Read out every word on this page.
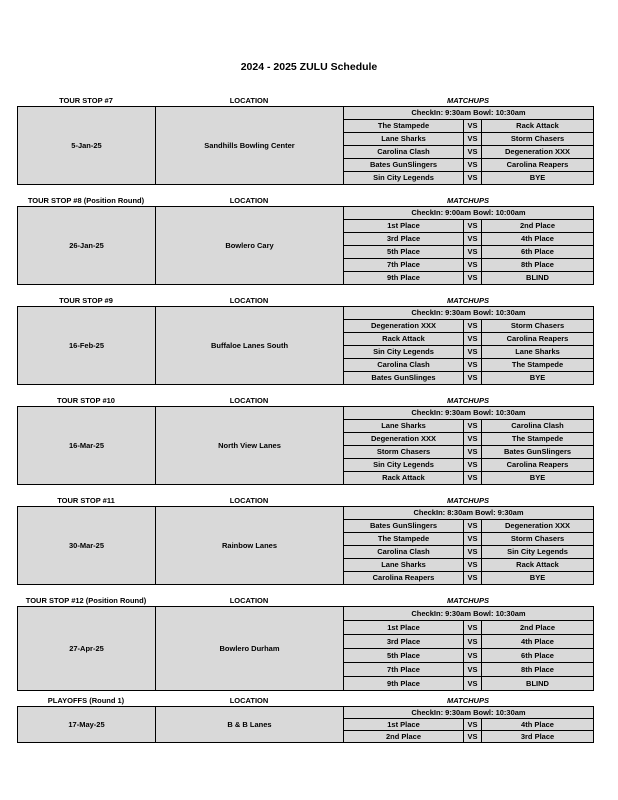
2024 - 2025 ZULU Schedule
TOUR STOP #7	LOCATION	MATCHUPS
5-Jan-25	Sandhills Bowling Center	CheckIn: 9:30am Bowl: 10:30am		
		The Stampede	VS	Rack Attack
		Lane Sharks	VS	Storm Chasers
		Carolina Clash	VS	Degeneration XXX
		Bates GunSlingers	VS	Carolina Reapers
		Sin City Legends	VS	BYE
TOUR STOP #8 (Position Round)	LOCATION	MATCHUPS
26-Jan-25	Bowlero Cary	CheckIn: 9:00am Bowl: 10:00am		
		1st Place	VS	2nd Place
		3rd Place	VS	4th Place
		5th Place	VS	6th Place
		7th Place	VS	8th Place
		9th Place	VS	BLIND
TOUR STOP #9	LOCATION	MATCHUPS
16-Feb-25	Buffaloe Lanes South	CheckIn: 9:30am Bowl: 10:30am		
		Degeneration XXX	VS	Storm Chasers
		Rack Attack	VS	Carolina Reapers
		Sin City Legends	VS	Lane Sharks
		Carolina Clash	VS	The Stampede
		Bates GunSlinges	VS	BYE
TOUR STOP #10	LOCATION	MATCHUPS
16-Mar-25	North View Lanes	CheckIn: 9:30am Bowl: 10:30am		
		Lane Sharks	VS	Carolina Clash
		Degeneration XXX	VS	The Stampede
		Storm Chasers	VS	Bates GunSlingers
		Sin City Legends	VS	Carolina Reapers
		Rack Attack	VS	BYE
TOUR STOP #11	LOCATION	MATCHUPS
30-Mar-25	Rainbow Lanes	CheckIn: 8:30am Bowl: 9:30am		
		Bates GunSlingers	VS	Degeneration XXX
		The Stampede	VS	Storm Chasers
		Carolina Clash	VS	Sin City Legends
		Lane Sharks	VS	Rack Attack
		Carolina Reapers	VS	BYE
TOUR STOP #12 (Position Round)	LOCATION	MATCHUPS
27-Apr-25	Bowlero Durham	CheckIn: 9:30am Bowl: 10:30am		
		1st Place	VS	2nd Place
		3rd Place	VS	4th Place
		5th Place	VS	6th Place
		7th Place	VS	8th Place
		9th Place	VS	BLIND
PLAYOFFS (Round 1)	LOCATION	MATCHUPS
17-May-25	B & B Lanes	CheckIn: 9:30am Bowl: 10:30am		
		1st Place	VS	4th Place
		2nd Place	VS	3rd Place
